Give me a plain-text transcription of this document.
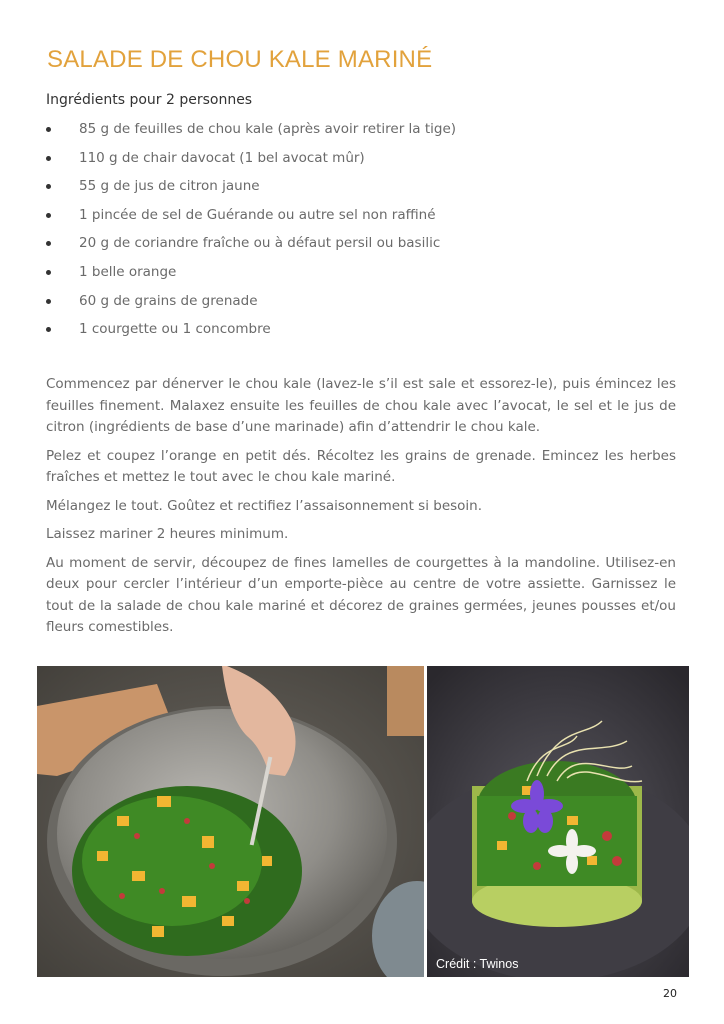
SALADE DE CHOU KALE MARINÉ
Ingrédients pour 2 personnes
85 g de feuilles de chou kale (après avoir retirer la tige)
110 g de chair davocat (1 bel avocat mûr)
55 g de jus de citron jaune
1 pincée de sel de Guérande ou autre sel non raffiné
20 g de coriandre fraîche ou à défaut persil ou basilic
1 belle orange
60 g de grains de grenade
1 courgette ou 1 concombre

Commencez par dénerver le chou kale (lavez-le s’il est sale et essorez-le), puis émincez les feuilles finement. Malaxez ensuite les feuilles de chou kale avec l’avocat, le sel et le jus de citron (ingrédients de base d’une marinade) afin d’attendrir le chou kale.

Pelez et coupez l’orange en petit dés. Récoltez les grains de grenade. Emincez les herbes fraîches et mettez le tout avec le chou kale mariné.

Mélangez le tout. Goûtez et rectifiez l’assaisonnement si besoin.

Laissez mariner 2 heures minimum.

Au moment de servir, découpez de fines lamelles de courgettes à la mandoline. Utilisez-en deux pour cercler l’intérieur d’un emporte-pièce au centre de votre assiette. Garnissez le tout de la salade de chou kale mariné et décorez de graines germées, jeunes pousses et/ou fleurs comestibles.

Crédit : Twinos
20
